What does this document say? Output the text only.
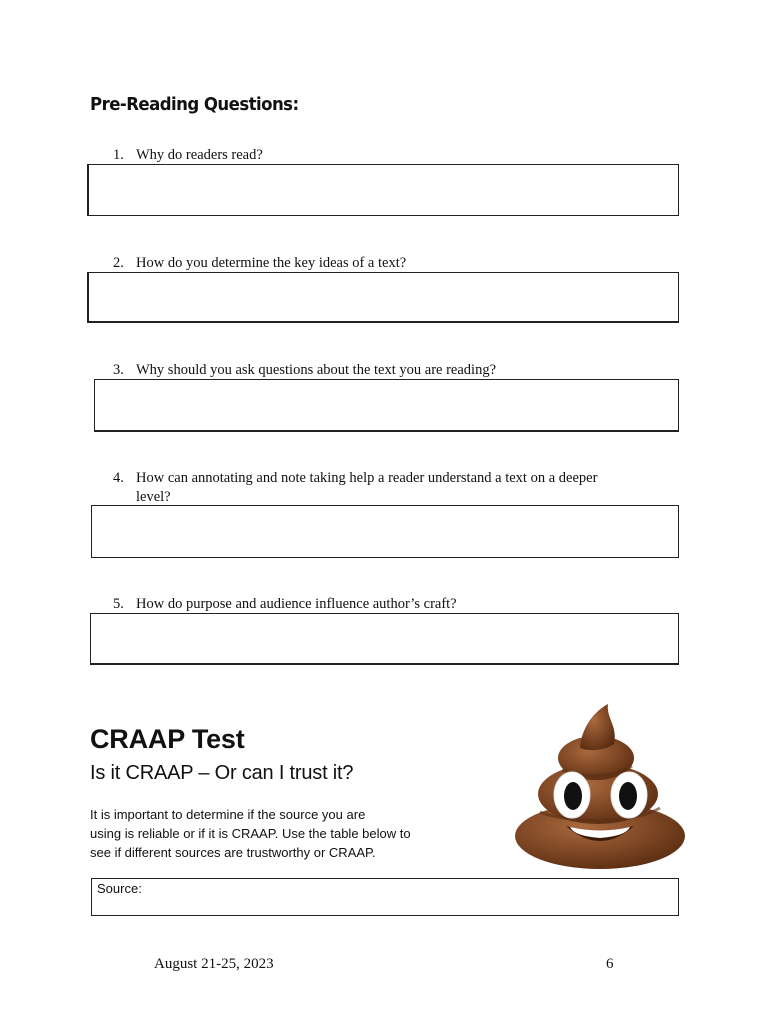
Pre-Reading Questions:
1. Why do readers read?
2. How do you determine the key ideas of a text?
3. Why should you ask questions about the text you are reading?
4. How can annotating and note taking help a reader understand a text on a deeper
level?
5. How do purpose and audience influence author’s craft?
CRAAP Test
Is it CRAAP – Or can I trust it?
It is important to determine if the source you are
using is reliable or if it is CRAAP. Use the table below to
see if different sources are trustworthy or CRAAP.
Source:
August 21-25, 2023	6
